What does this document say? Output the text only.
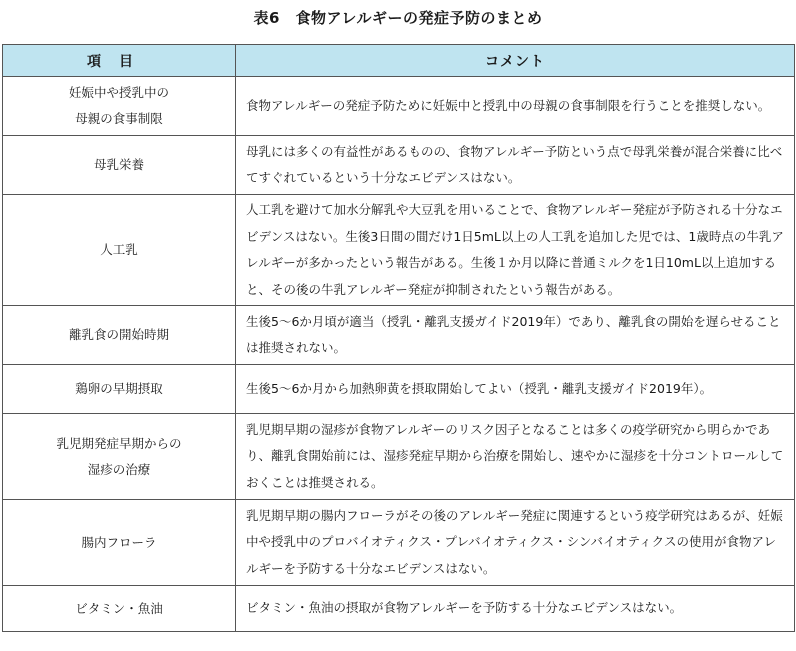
表6　食物アレルギーの発症予防のまとめ
項目	コメント

妊娠中や授乳中の
母親の食事制限	食物アレルギーの発症予防ために妊娠中と授乳中の母親の食事制限を行うことを推奨しない。

母乳栄養	母乳には多くの有益性があるものの、食物アレルギー予防という点で母乳栄養が混合栄養に比べてすぐれているという十分なエビデンスはない。

人工乳	人工乳を避けて加水分解乳や大豆乳を用いることで、食物アレルギー発症が予防される十分なエビデンスはない。生後3日間の間だけ1日5mL以上の人工乳を追加した児では、1歳時点の牛乳アレルギーが多かったという報告がある。生後１か月以降に普通ミルクを1日10mL以上追加すると、その後の牛乳アレルギー発症が抑制されたという報告がある。

離乳食の開始時期	生後5～6か月頃が適当（授乳・離乳支援ガイド2019年）であり、離乳食の開始を遅らせることは推奨されない。

鶏卵の早期摂取	生後5～6か月から加熱卵黄を摂取開始してよい（授乳・離乳支援ガイド2019年）。

乳児期発症早期からの
湿疹の治療	乳児期早期の湿疹が食物アレルギーのリスク因子となることは多くの疫学研究から明らかであり、離乳食開始前には、湿疹発症早期から治療を開始し、速やかに湿疹を十分コントロールしておくことは推奨される。

腸内フローラ	乳児期早期の腸内フローラがその後のアレルギー発症に関連するという疫学研究はあるが、妊娠中や授乳中のプロバイオティクス・プレバイオティクス・シンバイオティクスの使用が食物アレルギーを予防する十分なエビデンスはない。

ビタミン・魚油	ビタミン・魚油の摂取が食物アレルギーを予防する十分なエビデンスはない。
